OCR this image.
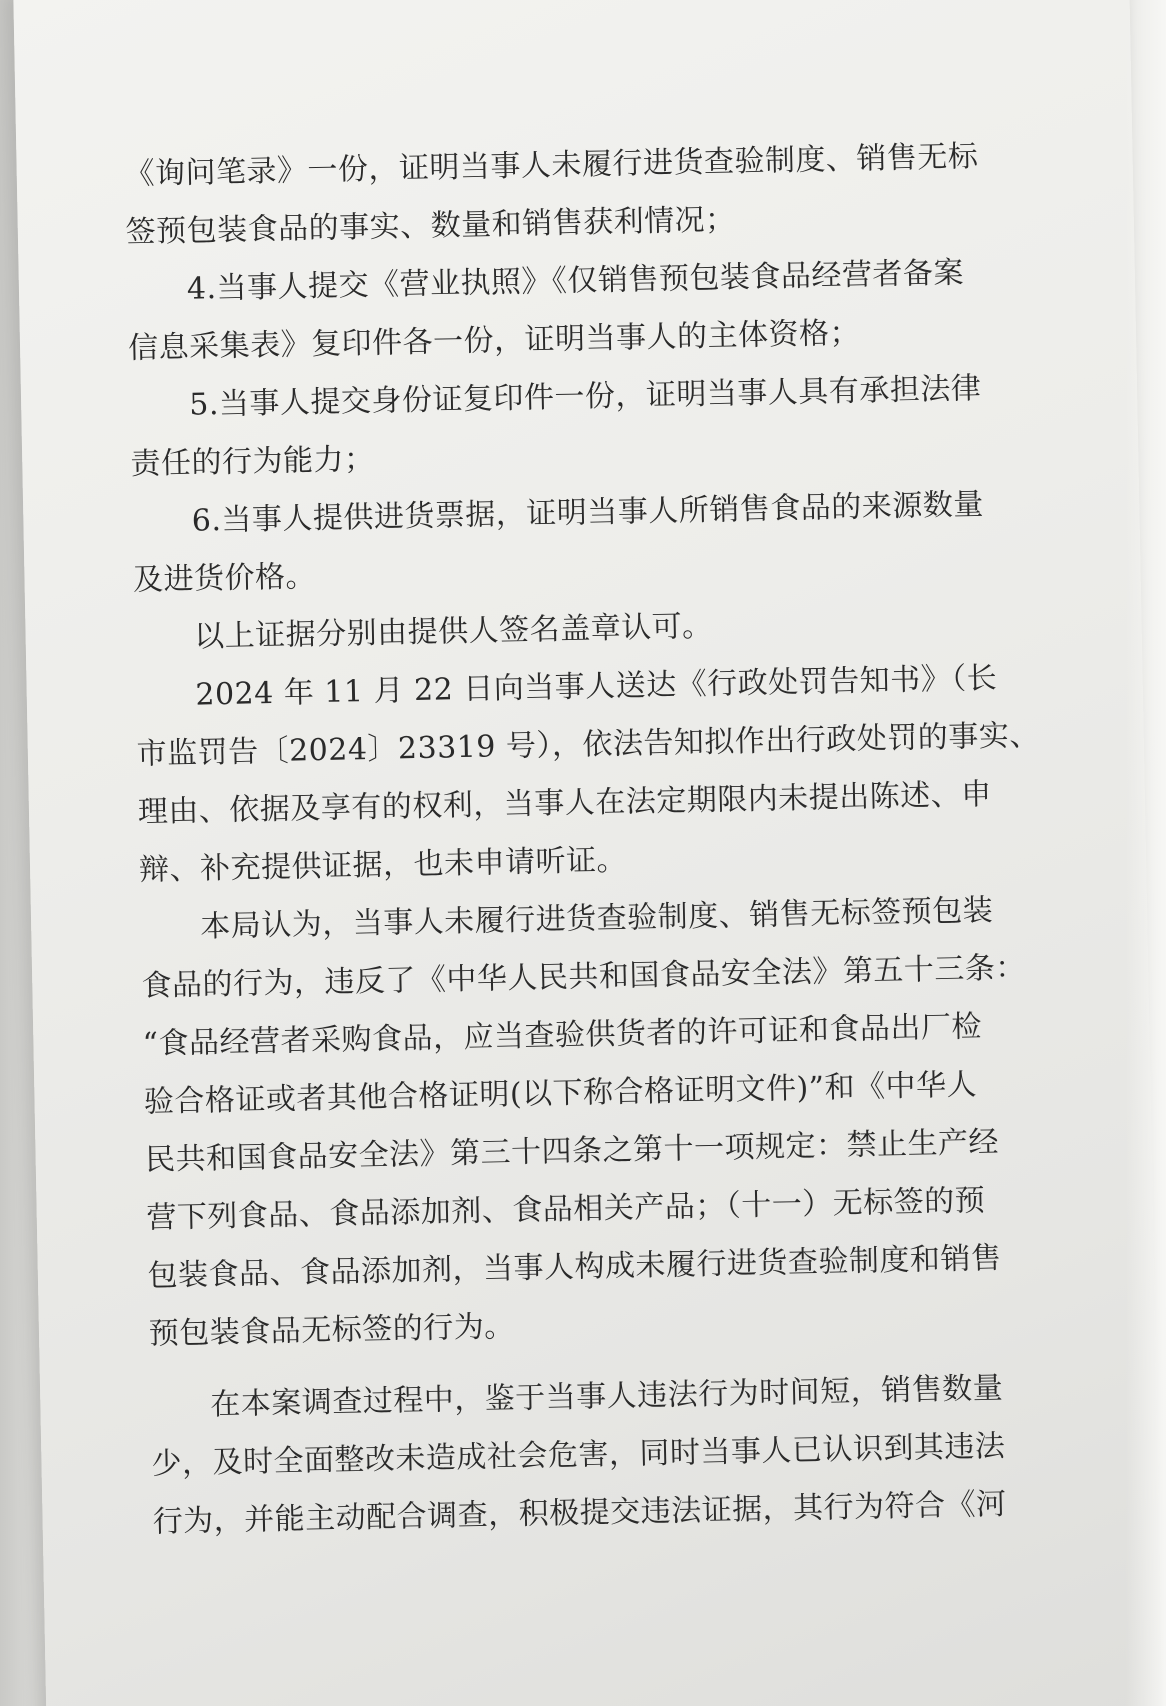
《询问笔录》一份，证明当事人未履行进货查验制度、销售无标
签预包装食品的事实、数量和销售获利情况；
4.当事人提交《营业执照》《仅销售预包装食品经营者备案
信息采集表》复印件各一份，证明当事人的主体资格；
5.当事人提交身份证复印件一份，证明当事人具有承担法律
责任的行为能力；
6.当事人提供进货票据，证明当事人所销售食品的来源数量
及进货价格。
以上证据分别由提供人签名盖章认可。
2024 年 11 月 22 日向当事人送达《行政处罚告知书》（长
市监罚告〔2024〕23319 号），依法告知拟作出行政处罚的事实、
理由、依据及享有的权利，当事人在法定期限内未提出陈述、申
辩、补充提供证据，也未申请听证。
本局认为，当事人未履行进货查验制度、销售无标签预包装
食品的行为，违反了《中华人民共和国食品安全法》第五十三条：
“食品经营者采购食品，应当查验供货者的许可证和食品出厂检
验合格证或者其他合格证明(以下称合格证明文件)”和《中华人
民共和国食品安全法》第三十四条之第十一项规定：禁止生产经
营下列食品、食品添加剂、食品相关产品；（十一）无标签的预
包装食品、食品添加剂，当事人构成未履行进货查验制度和销售
预包装食品无标签的行为。
在本案调查过程中，鉴于当事人违法行为时间短，销售数量
少，及时全面整改未造成社会危害，同时当事人已认识到其违法
行为，并能主动配合调查，积极提交违法证据，其行为符合《河
